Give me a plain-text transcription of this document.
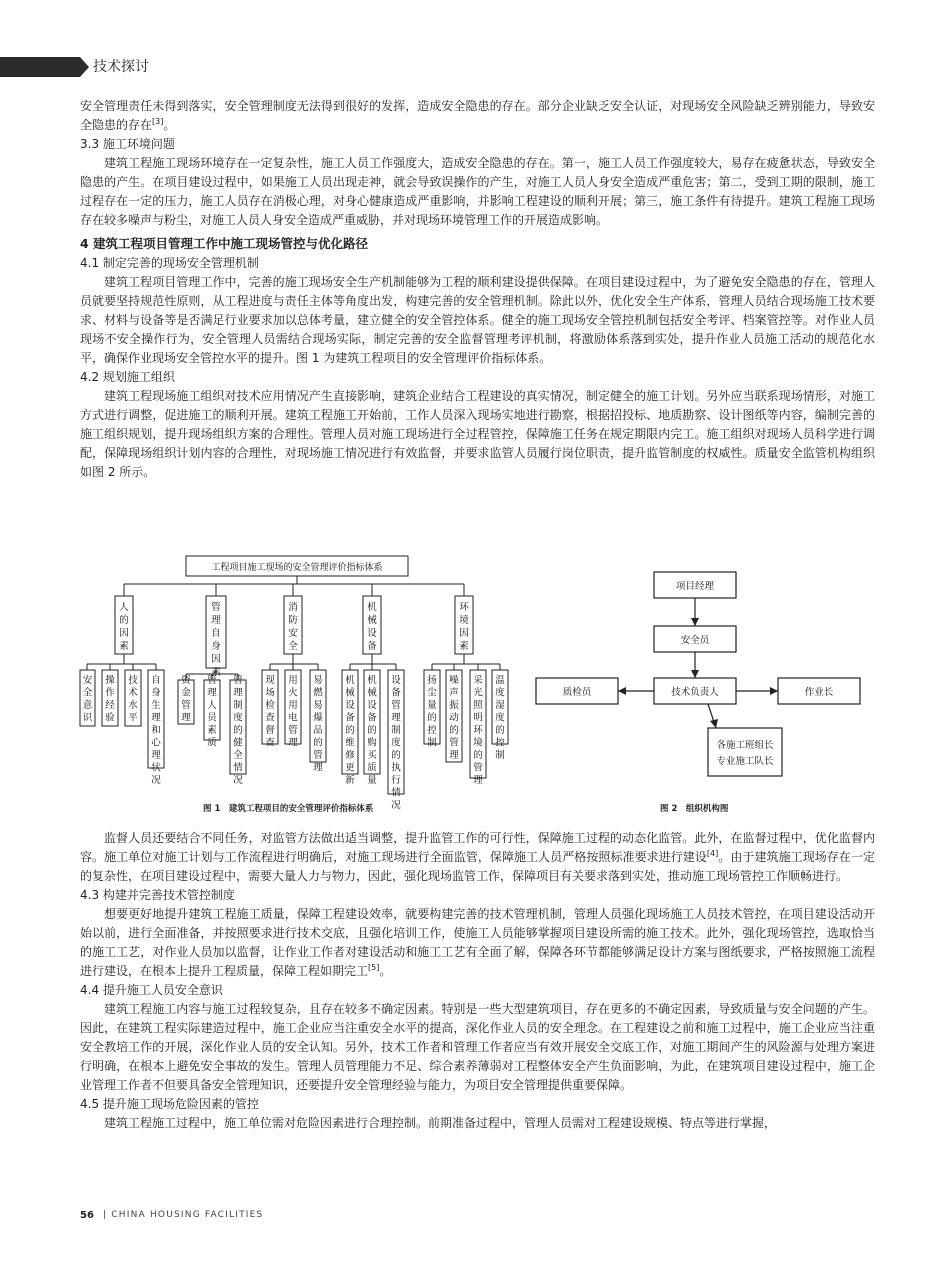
技术探讨

安全管理责任未得到落实，安全管理制度无法得到很好的发挥，造成安全隐患的存在。部分企业缺乏安全认证，对现场安全风险缺乏辨别能力，导致安全隐患的存在[3]。

3.3 施工环境问题

建筑工程施工现场环境存在一定复杂性，施工人员工作强度大，造成安全隐患的存在。第一，施工人员工作强度较大，易存在疲惫状态，导致安全隐患的产生。在项目建设过程中，如果施工人员出现走神，就会导致误操作的产生，对施工人员人身安全造成严重危害；第二，受到工期的限制，施工过程存在一定的压力，施工人员存在消极心理，对身心健康造成严重影响，并影响工程建设的顺利开展；第三，施工条件有待提升。建筑工程施工现场存在较多噪声与粉尘，对施工人员人身安全造成严重威胁，并对现场环境管理工作的开展造成影响。

4 建筑工程项目管理工作中施工现场管控与优化路径

4.1 制定完善的现场安全管理机制

建筑工程项目管理工作中，完善的施工现场安全生产机制能够为工程的顺利建设提供保障。在项目建设过程中，为了避免安全隐患的存在，管理人员就要坚持规范性原则，从工程进度与责任主体等角度出发，构建完善的安全管理机制。除此以外，优化安全生产体系，管理人员结合现场施工技术要求、材料与设备等是否满足行业要求加以总体考量，建立健全的安全管控体系。健全的施工现场安全管控机制包括安全考评、档案管控等。对作业人员现场不安全操作行为，安全管理人员需结合现场实际，制定完善的安全监督管理考评机制，将激励体系落到实处，提升作业人员施工活动的规范化水平，确保作业现场安全管控水平的提升。图 1 为建筑工程项目的安全管理评价指标体系。

4.2 规划施工组织

建筑工程现场施工组织对技术应用情况产生直接影响，建筑企业结合工程建设的真实情况，制定健全的施工计划。另外应当联系现场情形，对施工方式进行调整，促进施工的顺利开展。建筑工程施工开始前，工作人员深入现场实地进行勘察，根据招投标、地质勘察、设计图纸等内容，编制完善的施工组织规划，提升现场组织方案的合理性。管理人员对施工现场进行全过程管控，保障施工任务在规定期限内完工。施工组织对现场人员科学进行调配，保障现场组织计划内容的合理性，对现场施工情况进行有效监督，并要求监管人员履行岗位职责，提升监管制度的权威性。质量安全监管机构组织如图 2 所示。

工程项目施工现场的安全管理评价指标体系
人的因素
安全意识
操作经验
技术水平
自身生理和心理状况
管理自身因素
资金管理
管理人员素质
管理制度的健全情况
消防安全
现场检查督查
用火用电管理
易燃易爆品的管理
机械设备
机械设备的维修更新
机械设备的购买质量
设备管理制度的执行情况
环境因素
扬尘量的控制
噪声振动的管理
采光照明环境的管理
温度湿度的控制
图 1　建筑工程项目的安全管理评价指标体系
项目经理
安全员
技术负责人
质检员	作业长
各施工班组长
专业施工队长
图 2　组织机构图

监督人员还要结合不同任务，对监管方法做出适当调整，提升监管工作的可行性，保障施工过程的动态化监管。此外，在监督过程中，优化监督内容。施工单位对施工计划与工作流程进行明确后，对施工现场进行全面监管，保障施工人员严格按照标准要求进行建设[4]。由于建筑施工现场存在一定的复杂性，在项目建设过程中，需要大量人力与物力，因此，强化现场监管工作，保障项目有关要求落到实处，推动施工现场管控工作顺畅进行。

4.3 构建并完善技术管控制度

想要更好地提升建筑工程施工质量，保障工程建设效率，就要构建完善的技术管理机制，管理人员强化现场施工人员技术管控，在项目建设活动开始以前，进行全面准备，并按照要求进行技术交底，且强化培训工作，使施工人员能够掌握项目建设所需的施工技术。此外，强化现场管控，选取恰当的施工工艺，对作业人员加以监督，让作业工作者对建设活动和施工工艺有全面了解，保障各环节都能够满足设计方案与图纸要求，严格按照施工流程进行建设，在根本上提升工程质量，保障工程如期完工[5]。

4.4 提升施工人员安全意识

建筑工程施工内容与施工过程较复杂，且存在较多不确定因素。特别是一些大型建筑项目，存在更多的不确定因素，导致质量与安全问题的产生。因此，在建筑工程实际建造过程中，施工企业应当注重安全水平的提高，深化作业人员的安全理念。在工程建设之前和施工过程中，施工企业应当注重安全教培工作的开展，深化作业人员的安全认知。另外，技术工作者和管理工作者应当有效开展安全交底工作，对施工期间产生的风险源与处理方案进行明确，在根本上避免安全事故的发生。管理人员管理能力不足、综合素养薄弱对工程整体安全产生负面影响，为此，在建筑项目建设过程中，施工企业管理工作者不但要具备安全管理知识，还要提升安全管理经验与能力，为项目安全管理提供重要保障。

4.5 提升施工现场危险因素的管控

建筑工程施工过程中，施工单位需对危险因素进行合理控制。前期准备过程中，管理人员需对工程建设规模、特点等进行掌握，

56 | CHINA HOUSING FACILITIES
